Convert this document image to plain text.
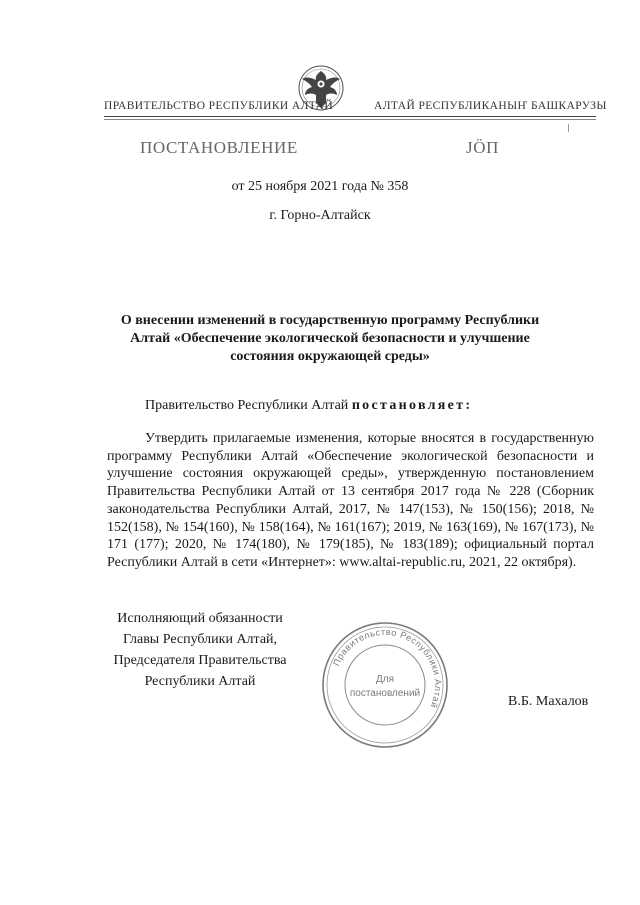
ПРАВИТЕЛЬСТВО РЕСПУБЛИКИ АЛТАЙ	АЛТАЙ РЕСПУБЛИКАНЫҤ БАШКАРУЗЫ
ПОСТАНОВЛЕНИЕ	ЈӦП
от 25 ноября 2021 года № 358
г. Горно-Алтайск
О внесении изменений в государственную программу Республики
Алтай «Обеспечение экологической безопасности и улучшение
состояния окружающей среды»
Правительство Республики Алтай постановляет:
Утвердить прилагаемые изменения, которые вносятся в государственную программу Республики Алтай «Обеспечение экологической безопасности и улучшение состояния окружающей среды», утвержденную постановлением Правительства Республики Алтай от 13 сентября 2017 года № 228 (Сборник законодательства Республики Алтай, 2017, № 147(153), № 150(156); 2018, № 152(158), № 154(160), № 158(164), № 161(167); 2019, № 163(169), № 167(173), № 171 (177); 2020, № 174(180), № 179(185), № 183(189); официальный портал Республики Алтай в сети «Интернет»: www.altai-republic.ru, 2021, 22 октября).
Исполняющий обязанности
Главы Республики Алтай,
Председателя Правительства
Республики Алтай
Правительство Республики Алтай
Для
постановлений
В.Б. Махалов
